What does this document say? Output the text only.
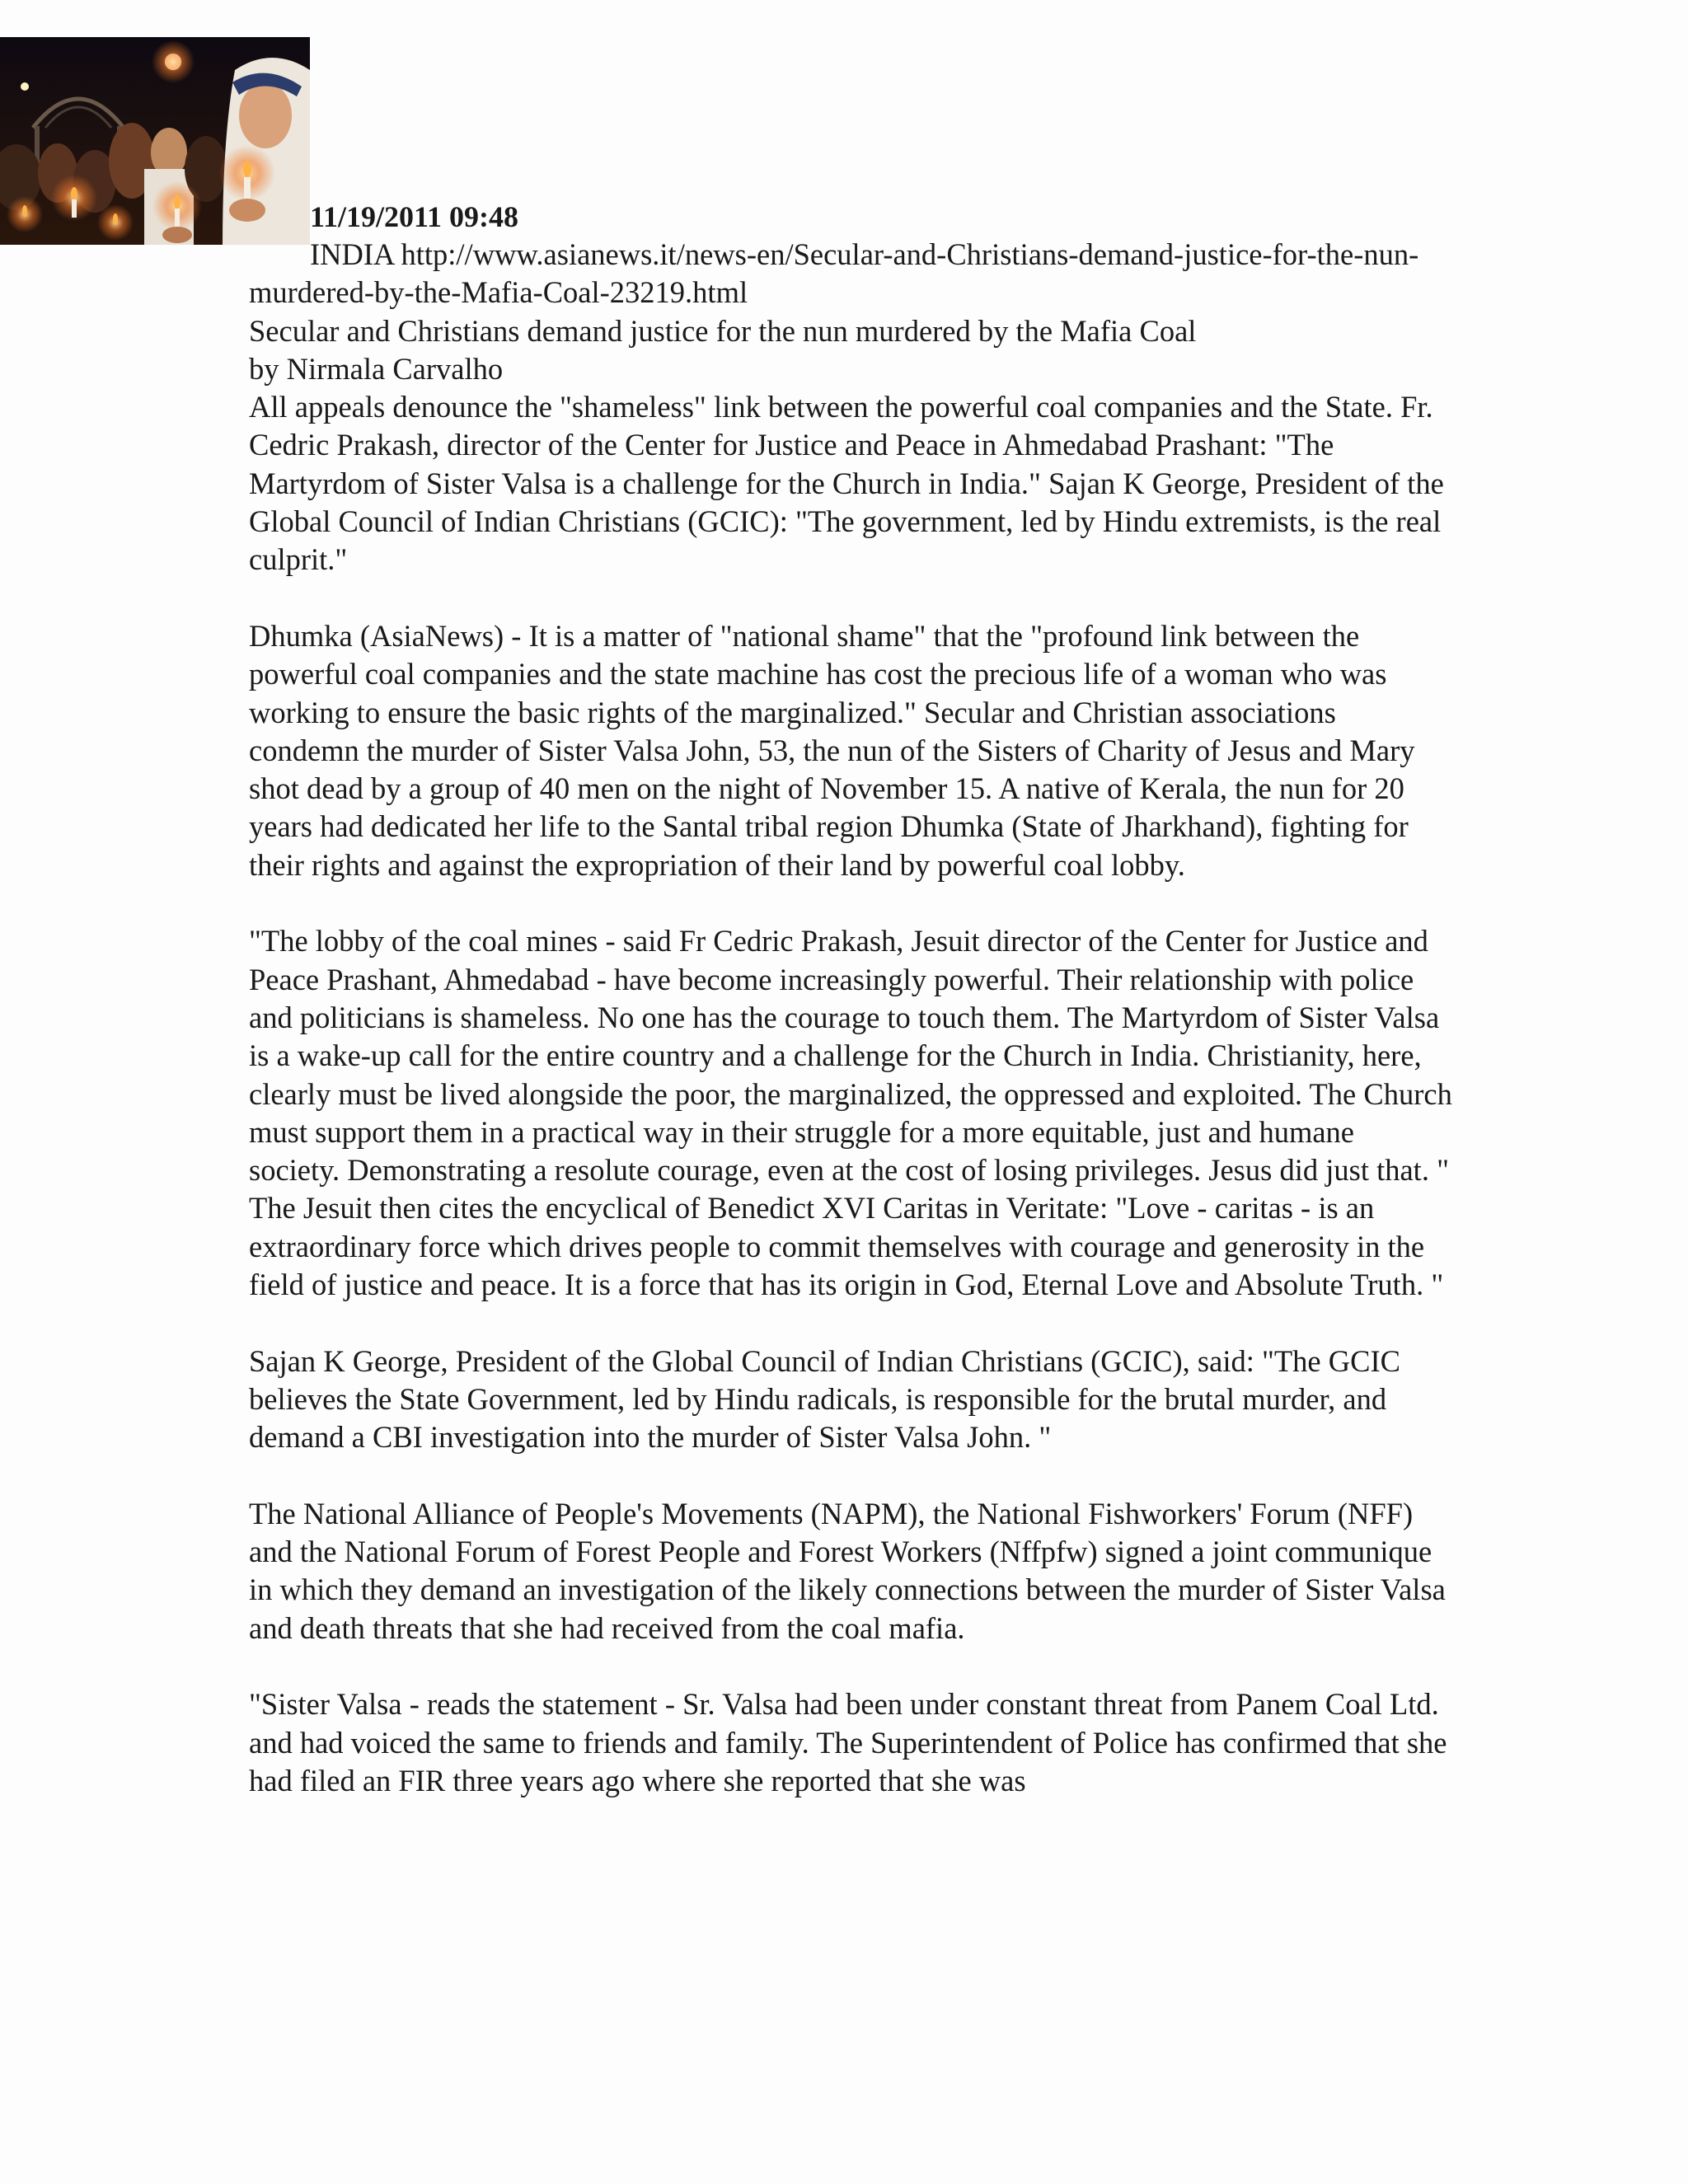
11/19/2011 09:48

INDIA http://www.asianews.it/news-en/Secular-and-Christians-demand-justice-for-the-nun-murdered-by-the-Mafia-Coal-23219.html

Secular and Christians demand justice for the nun murdered by the Mafia Coal

by Nirmala Carvalho

All appeals denounce the "shameless" link between the powerful coal companies and the State. Fr. Cedric Prakash, director of the Center for Justice and Peace in Ahmedabad Prashant: "The Martyrdom of Sister Valsa is a challenge for the Church in India." Sajan K George, President of the Global Council of Indian Christians (GCIC): "The government, led by Hindu extremists, is the real culprit."

Dhumka (AsiaNews) - It is a matter of "national shame" that the "profound link between the powerful coal companies and the state machine has cost the precious life of a woman who was working to ensure the basic rights of the marginalized." Secular and Christian associations condemn the murder of Sister Valsa John, 53, the nun of the Sisters of Charity of Jesus and Mary shot dead by a group of 40 men on the night of November 15. A native of Kerala, the nun for 20 years had dedicated her life to the Santal tribal region Dhumka (State of Jharkhand), fighting for their rights and against the expropriation of their land by powerful coal lobby.

"The lobby of the coal mines - said Fr Cedric Prakash, Jesuit director of the Center for Justice and Peace Prashant, Ahmedabad - have become increasingly powerful. Their relationship with police and politicians is shameless. No one has the courage to touch them. The Martyrdom of Sister Valsa is a wake-up call for the entire country and a challenge for the Church in India. Christianity, here, clearly must be lived alongside the poor, the marginalized, the oppressed and exploited. The Church must support them in a practical way in their struggle for a more equitable, just and humane society. Demonstrating a resolute courage, even at the cost of losing privileges. Jesus did just that. " The Jesuit then cites the encyclical of Benedict XVI Caritas in Veritate: "Love - caritas - is an extraordinary force which drives people to commit themselves with courage and generosity in the field of justice and peace. It is a force that has its origin in God, Eternal Love and Absolute Truth. "

Sajan K George, President of the Global Council of Indian Christians (GCIC), said: "The GCIC believes the State Government, led by Hindu radicals, is responsible for the brutal murder, and demand a CBI investigation into the murder of Sister Valsa John. "

The National Alliance of People's Movements (NAPM), the National Fishworkers' Forum (NFF) and the National Forum of Forest People and Forest Workers (Nffpfw) signed a joint communique in which they demand an investigation of the likely connections between the murder of Sister Valsa and death threats that she had received from the coal mafia.

"Sister Valsa - reads the statement - Sr. Valsa had been under constant threat from Panem Coal Ltd. and had voiced the same to friends and family. The Superintendent of Police has confirmed that she had filed an FIR three years ago where she reported that she was
